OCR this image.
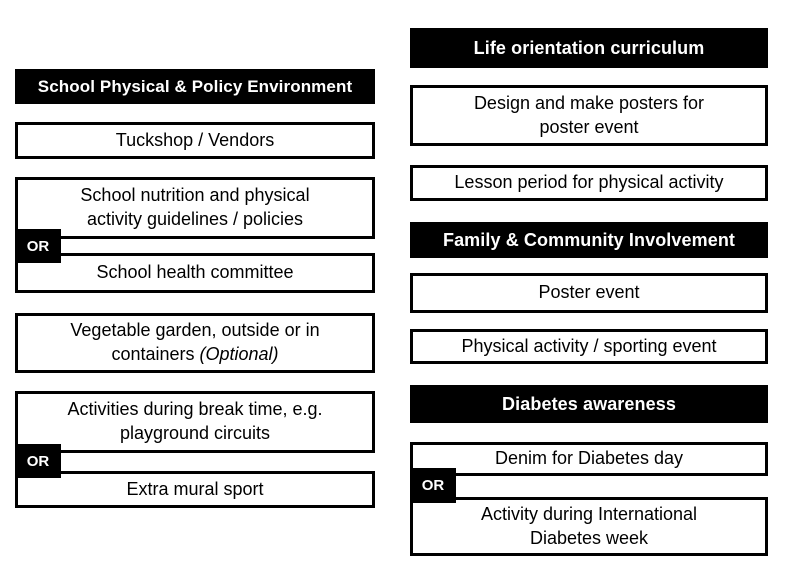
School Physical & Policy Environment
Tuckshop / Vendors
School nutrition and physical
activity guidelines / policies
OR
School health committee
Vegetable garden, outside or in
containers (Optional)
Activities during break time, e.g.
playground circuits
OR
Extra mural sport
Life orientation curriculum
Design and make posters for
poster event
Lesson period for physical activity
Family & Community Involvement
Poster event
Physical activity / sporting event
Diabetes awareness
Denim for Diabetes day
OR
Activity during International
Diabetes week
